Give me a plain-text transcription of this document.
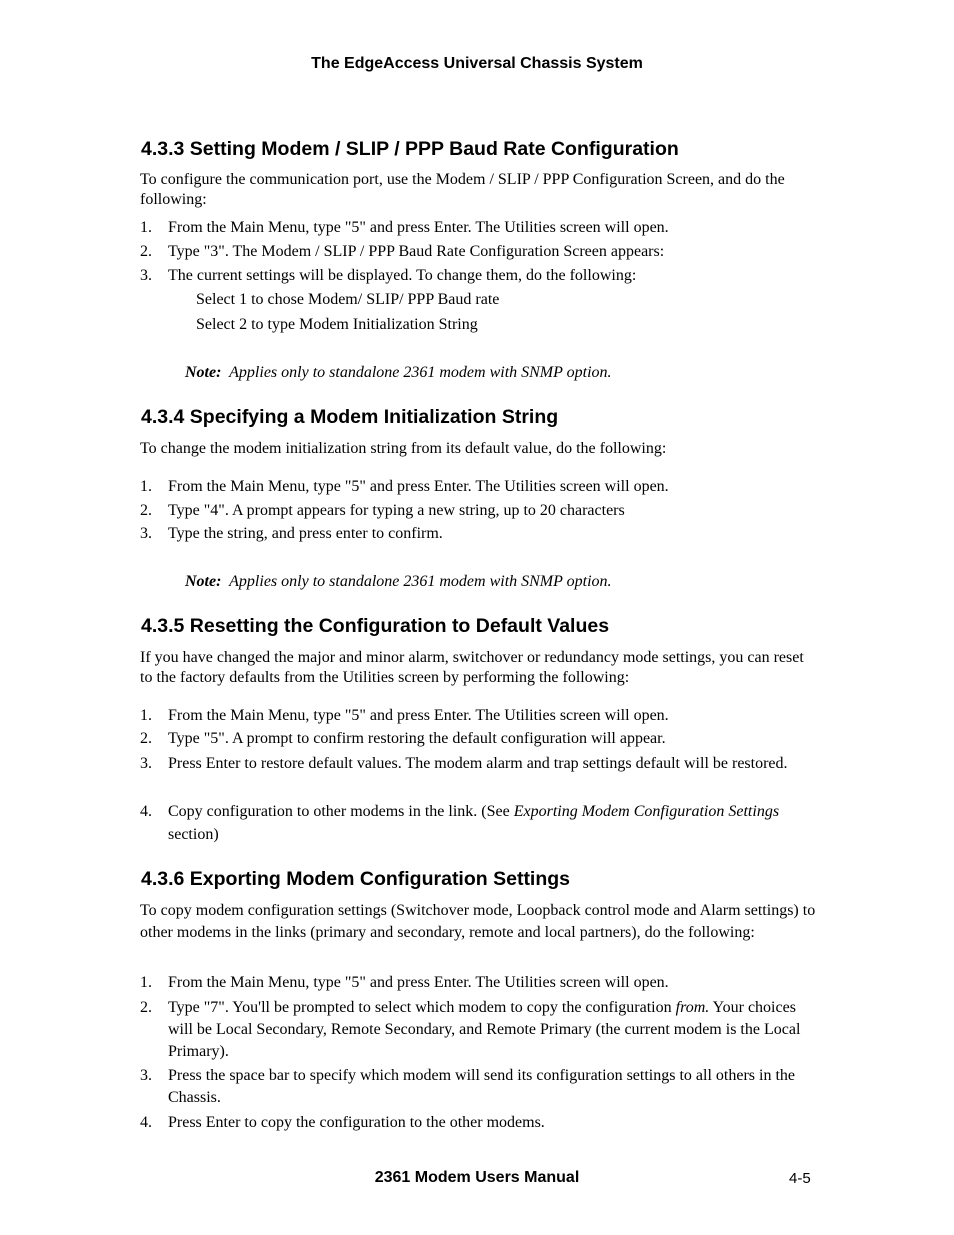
The EdgeAccess Universal Chassis System
4.3.3 Setting Modem / SLIP / PPP Baud Rate Configuration
To configure the communication port, use the Modem / SLIP / PPP Configuration Screen, and do the following:
1. From the Main Menu, type "5" and press Enter. The Utilities screen will open.
2. Type "3". The Modem / SLIP / PPP Baud Rate Configuration Screen appears:
3. The current settings will be displayed. To change them, do the following:
Select 1 to chose Modem/ SLIP/ PPP Baud rate
Select 2 to type Modem Initialization String
Note: Applies only to standalone 2361 modem with SNMP option.
4.3.4 Specifying a Modem Initialization String
To change the modem initialization string from its default value, do the following:
1. From the Main Menu, type "5" and press Enter. The Utilities screen will open.
2. Type "4". A prompt appears for typing a new string, up to 20 characters
3. Type the string, and press enter to confirm.
Note: Applies only to standalone 2361 modem with SNMP option.
4.3.5 Resetting the Configuration to Default Values
If you have changed the major and minor alarm, switchover or redundancy mode settings, you can reset to the factory defaults from the Utilities screen by performing the following:
1. From the Main Menu, type "5" and press Enter. The Utilities screen will open.
2. Type "5". A prompt to confirm restoring the default configuration will appear.
3. Press Enter to restore default values. The modem alarm and trap settings default will be restored.
4. Copy configuration to other modems in the link. (See Exporting Modem Configuration Settings section)
4.3.6 Exporting Modem Configuration Settings
To copy modem configuration settings (Switchover mode, Loopback control mode and Alarm settings) to other modems in the links (primary and secondary, remote and local partners), do the following:
1. From the Main Menu, type "5" and press Enter. The Utilities screen will open.
2. Type "7". You'll be prompted to select which modem to copy the configuration from. Your choices will be Local Secondary, Remote Secondary, and Remote Primary (the current modem is the Local Primary).
3. Press the space bar to specify which modem will send its configuration settings to all others in the Chassis.
4. Press Enter to copy the configuration to the other modems.
2361 Modem Users Manual	4-5
